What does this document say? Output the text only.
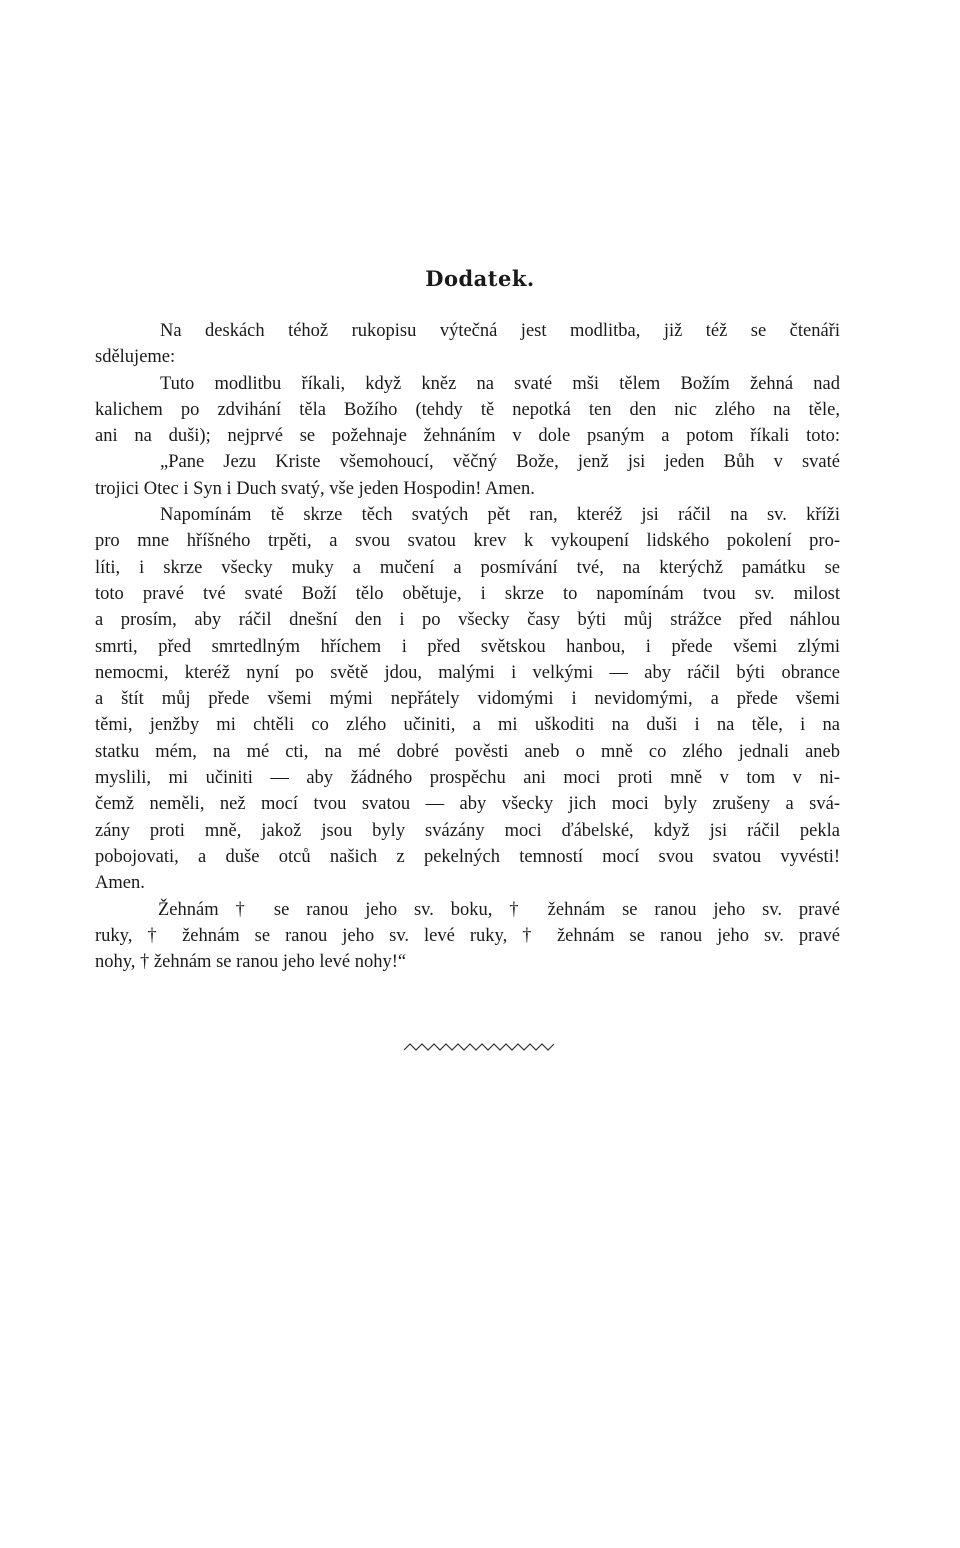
Dodatek.
Na deskách téhož rukopisu výtečná jest modlitba, již též se čtenáři
sdělujeme:
Tuto modlitbu říkali, když kněz na svaté mši tělem Božím žehná nad
kalichem po zdvihání těla Božího (tehdy tě nepotká ten den nic zlého na těle,
ani na duši); nejprvé se požehnaje žehnáním v dole psaným a potom říkali toto:
„Pane Jezu Kriste všemohoucí, věčný Bože, jenž jsi jeden Bůh v svaté
trojici Otec i Syn i Duch svatý, vše jeden Hospodin! Amen.
Napomínám tě skrze těch svatých pět ran, kteréž jsi ráčil na sv. kříži
pro mne hříšného trpěti, a svou svatou krev k vykoupení lidského pokolení pro-
líti, i skrze všecky muky a mučení a posmívání tvé, na kterýchž památku se
toto pravé tvé svaté Boží tělo obětuje, i skrze to napomínám tvou sv. milost
a prosím, aby ráčil dnešní den i po všecky časy býti můj strážce před náhlou
smrti, před smrtedlným hříchem i před světskou hanbou, i přede všemi zlými
nemocmi, kteréž nyní po světě jdou, malými i velkými — aby ráčil býti obrance
a štít můj přede všemi mými nepřátely vidomými i nevidomými, a přede všemi
těmi, jenžby mi chtěli co zlého učiniti, a mi uškoditi na duši i na těle, i na
statku mém, na mé cti, na mé dobré pověsti aneb o mně co zlého jednali aneb
myslili, mi učiniti — aby žádného prospěchu ani moci proti mně v tom v ni-
čemž neměli, než mocí tvou svatou — aby všecky jich moci byly zrušeny a svá-
zány proti mně, jakož jsou byly svázány moci ďábelské, když jsi ráčil pekla
pobojovati, a duše otců našich z pekelných temností mocí svou svatou vyvésti!
Amen.
Žehnám † se ranou jeho sv. boku, † žehnám se ranou jeho sv. pravé
ruky, † žehnám se ranou jeho sv. levé ruky, † žehnám se ranou jeho sv. pravé
nohy, † žehnám se ranou jeho levé nohy!“
